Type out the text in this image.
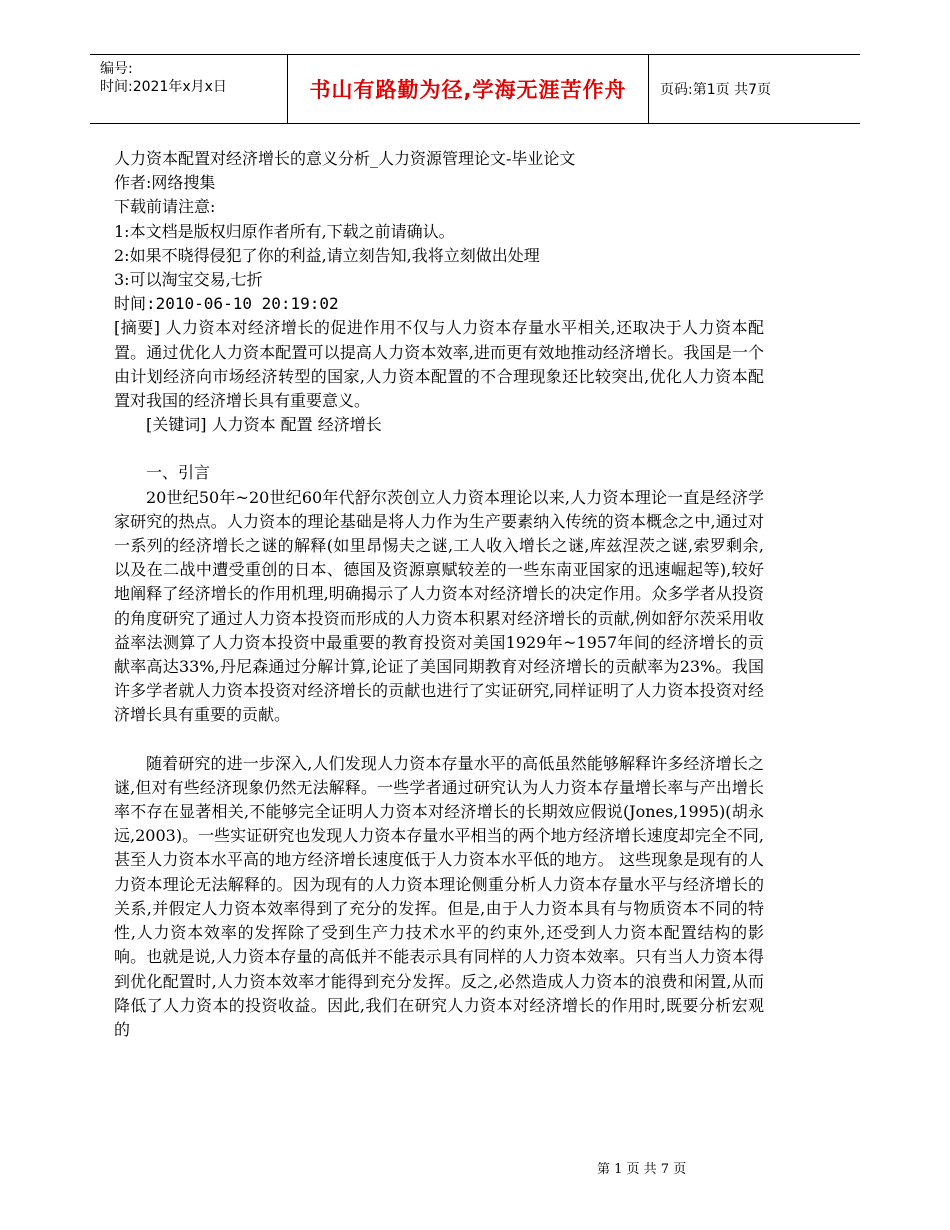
编号:
时间:2021年x月x日	书山有路勤为径,学海无涯苦作舟 页码:第1页 共7页

人力资本配置对经济增长的意义分析_人力资源管理论文-毕业论文

作者:网络搜集

下载前请注意:

1:本文档是版权归原作者所有,下载之前请确认。

2:如果不晓得侵犯了你的利益,请立刻告知,我将立刻做出处理

3:可以淘宝交易,七折

时间:2010-06-10 20:19:02

[摘要] 人力资本对经济增长的促进作用不仅与人力资本存量水平相关,还取决于人力资本配置。通过优化人力资本配置可以提高人力资本效率,进而更有效地推动经济增长。我国是一个由计划经济向市场经济转型的国家,人力资本配置的不合理现象还比较突出,优化人力资本配置对我国的经济增长具有重要意义。

[关键词] 人力资本 配置 经济增长

一、引言

20世纪50年~20世纪60年代舒尔茨创立人力资本理论以来,人力资本理论一直是经济学家研究的热点。人力资本的理论基础是将人力作为生产要素纳入传统的资本概念之中,通过对一系列的经济增长之谜的解释(如里昂惕夫之谜,工人收入增长之谜,库兹涅茨之谜,索罗剩余,以及在二战中遭受重创的日本、德国及资源禀赋较差的一些东南亚国家的迅速崛起等),较好地阐释了经济增长的作用机理,明确揭示了人力资本对经济增长的决定作用。众多学者从投资的角度研究了通过人力资本投资而形成的人力资本积累对经济增长的贡献,例如舒尔茨采用收益率法测算了人力资本投资中最重要的教育投资对美国1929年~1957年间的经济增长的贡献率高达33%,丹尼森通过分解计算,论证了美国同期教育对经济增长的贡献率为23%。我国许多学者就人力资本投资对经济增长的贡献也进行了实证研究,同样证明了人力资本投资对经济增长具有重要的贡献。

随着研究的进一步深入,人们发现人力资本存量水平的高低虽然能够解释许多经济增长之谜,但对有些经济现象仍然无法解释。一些学者通过研究认为人力资本存量增长率与产出增长率不存在显著相关,不能够完全证明人力资本对经济增长的长期效应假说(Jones,1995)(胡永远,2003)。一些实证研究也发现人力资本存量水平相当的两个地方经济增长速度却完全不同,甚至人力资本水平高的地方经济增长速度低于人力资本水平低的地方。 这些现象是现有的人力资本理论无法解释的。因为现有的人力资本理论侧重分析人力资本存量水平与经济增长的关系,并假定人力资本效率得到了充分的发挥。但是,由于人力资本具有与物质资本不同的特性,人力资本效率的发挥除了受到生产力技术水平的约束外,还受到人力资本配置结构的影响。也就是说,人力资本存量的高低并不能表示具有同样的人力资本效率。只有当人力资本得到优化配置时,人力资本效率才能得到充分发挥。反之,必然造成人力资本的浪费和闲置,从而降低了人力资本的投资收益。因此,我们在研究人力资本对经济增长的作用时,既要分析宏观的

第 1 页 共 7 页
